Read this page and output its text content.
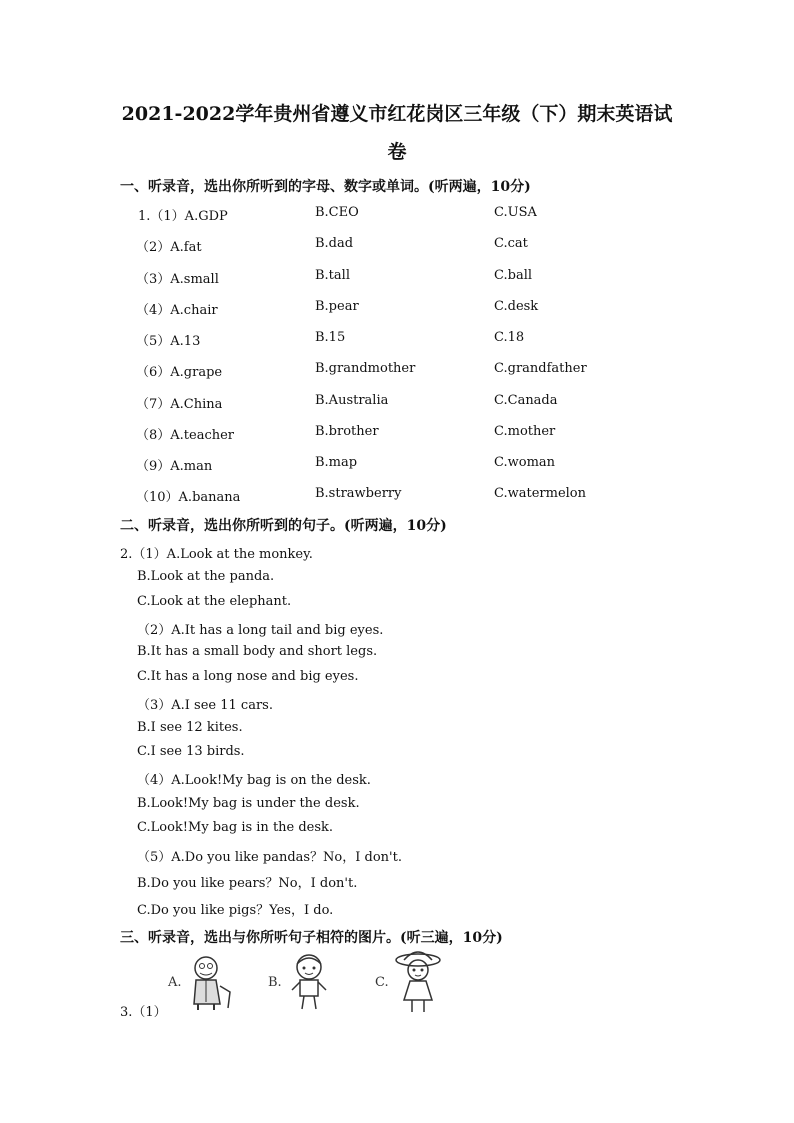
2021-2022学年贵州省遵义市红花岗区三年级（下）期末英语试
卷
一、听录音，选出你所听到的字母、数字或单词。(听两遍，10分)
1.（1）A.GDP	B.CEO	C.USA
（2）A.fat	B.dad	C.cat
（3）A.small	B.tall	C.ball
（4）A.chair	B.pear	C.desk
（5）A.13	B.15	C.18
（6）A.grape	B.grandmother	C.grandfather
（7）A.China	B.Australia	C.Canada
（8）A.teacher	B.brother	C.mother
（9）A.man	B.map	C.woman
（10）A.banana	B.strawberry	C.watermelon
二、听录音，选出你所听到的句子。(听两遍，10分)
2.（1）A.Look at the monkey.
B.Look at the panda.
C.Look at the elephant.
（2）A.It has a long tail and big eyes.
B.It has a small body and short legs.
C.It has a long nose and big eyes.
（3）A.I see 11 cars.
B.I see 12 kites.
C.I see 13 birds.
（4）A.Look!My bag is on the desk.
B.Look!My bag is under the desk.
C.Look!My bag is in the desk.
（5）A.Do you like pandas？No，I don't.
B.Do you like pears？No，I don't.
C.Do you like pigs？Yes，I do.
三、听录音，选出与你所听句子相符的图片。(听三遍，10分)
A.	B.	C.
3.（1）
